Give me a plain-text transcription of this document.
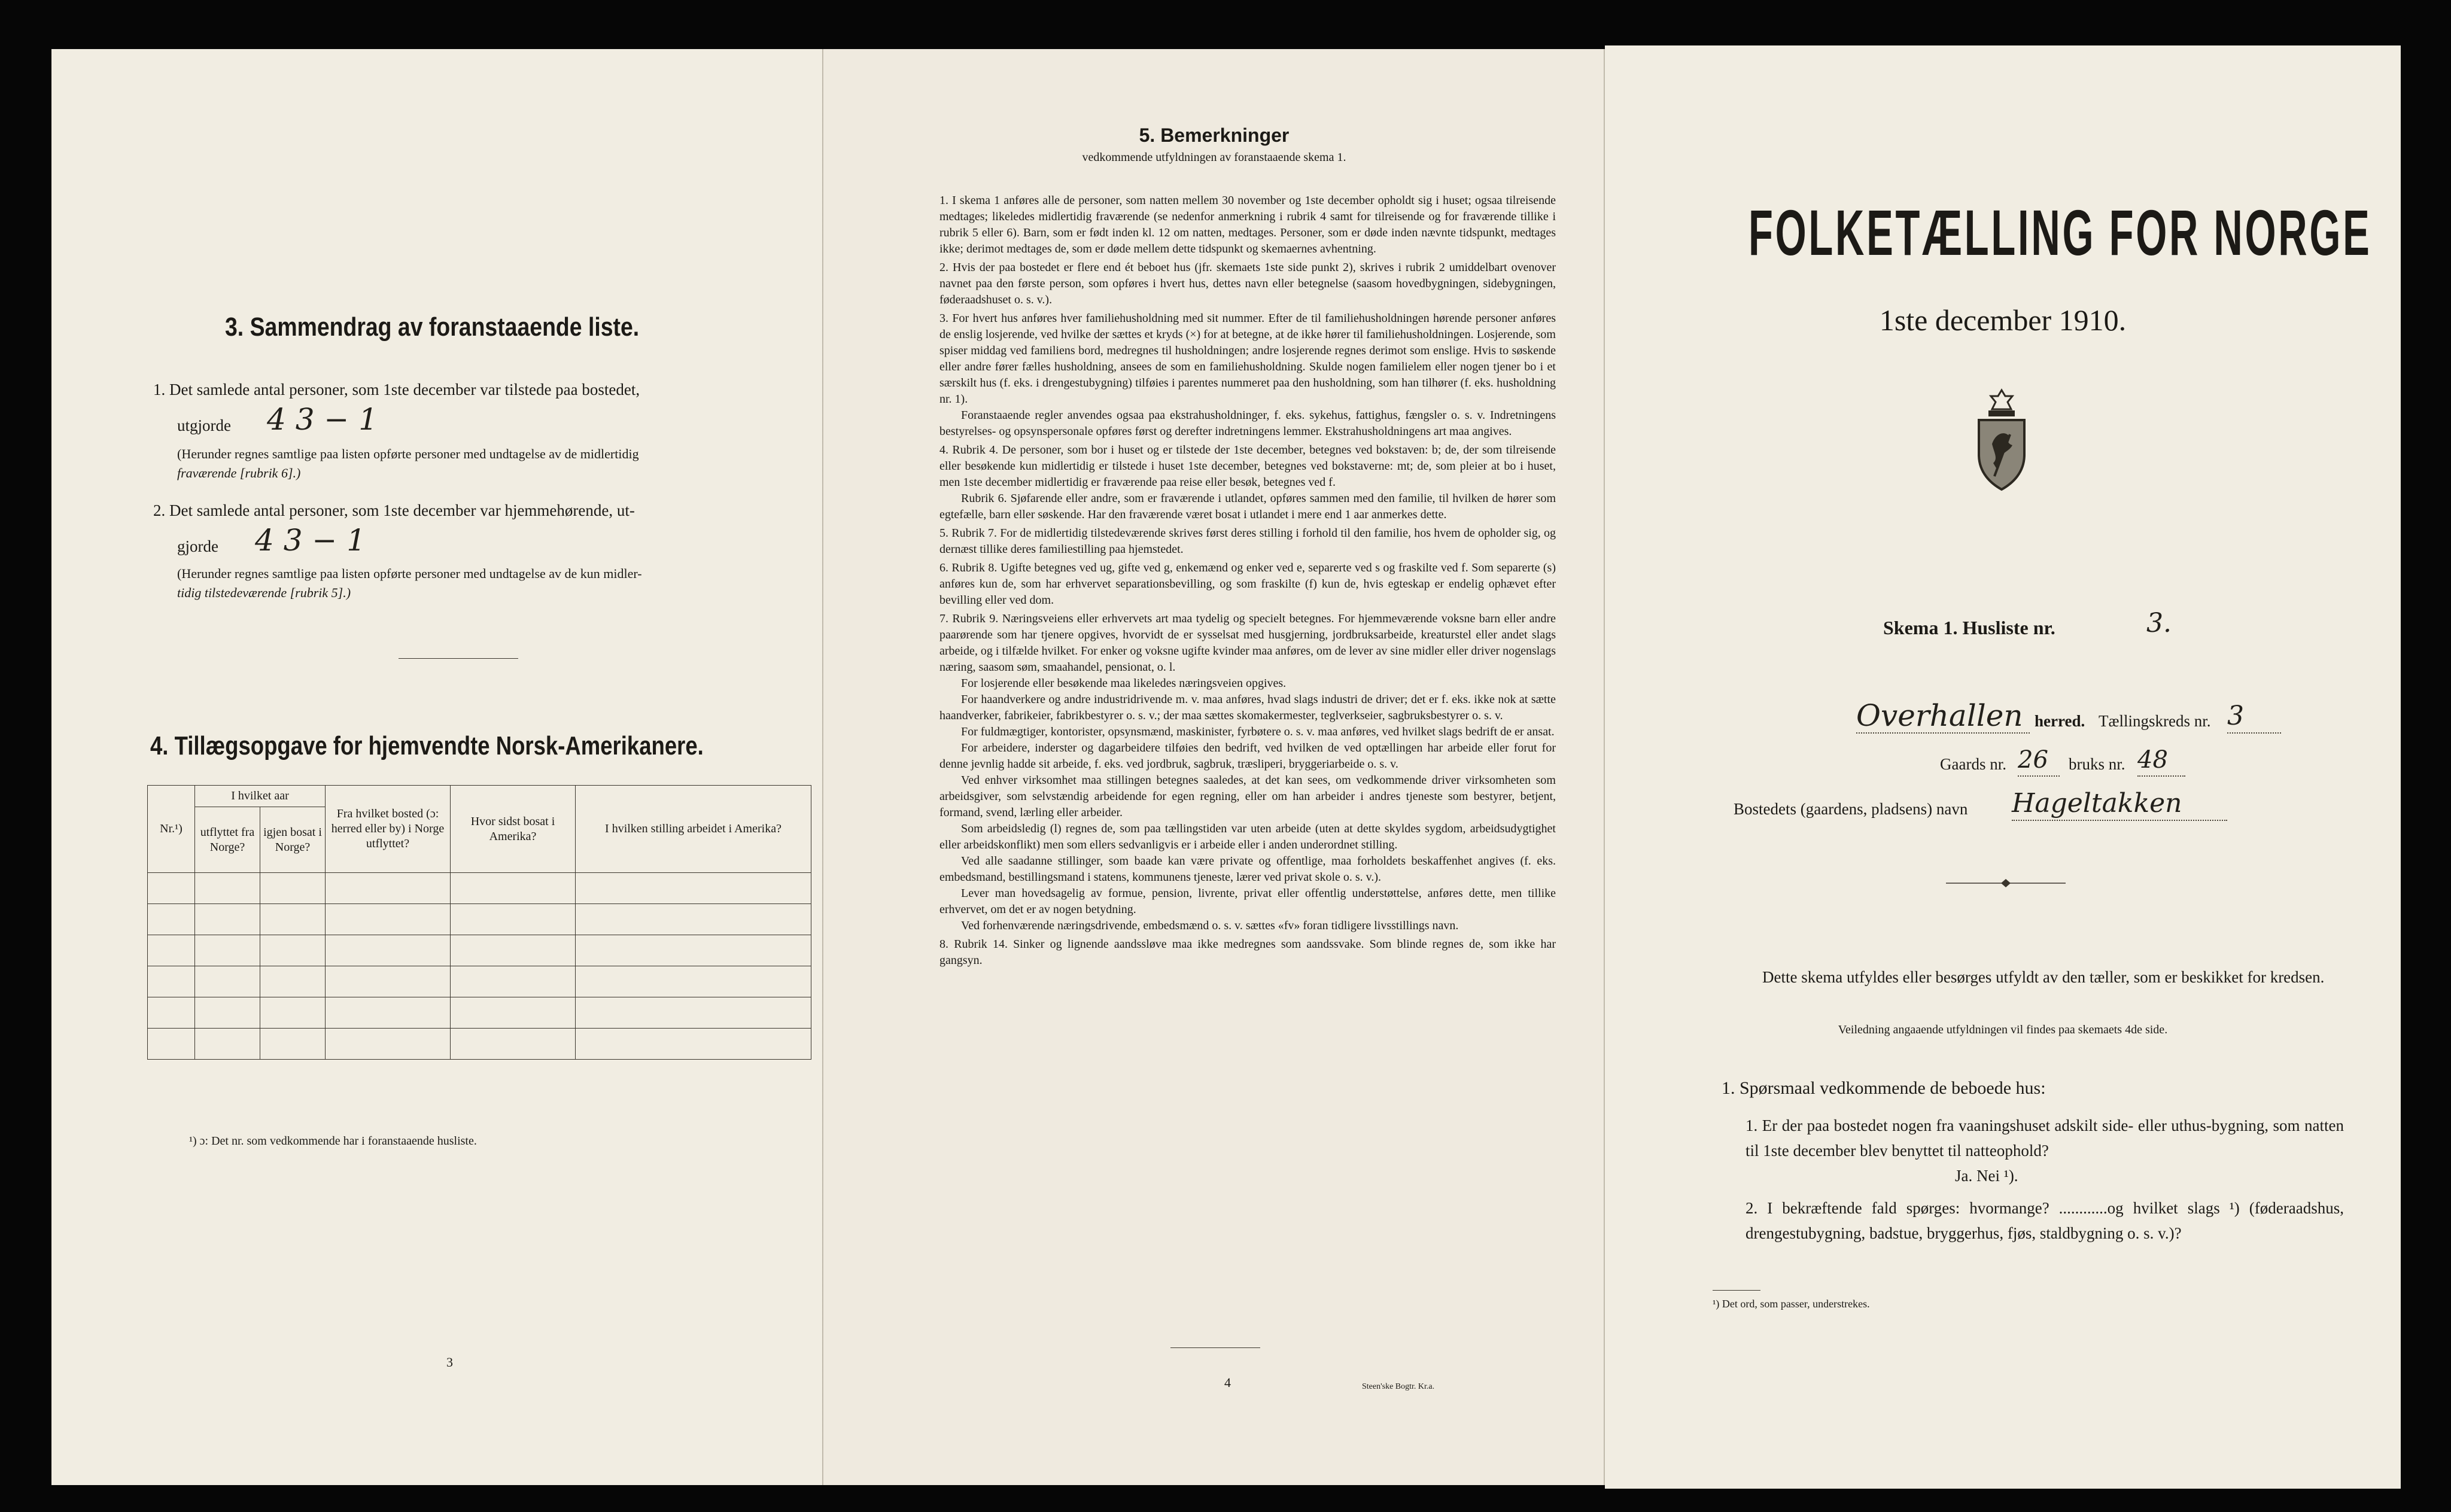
3. Sammendrag av foranstaaende liste.
1. Det samlede antal personer, som 1ste december var tilstede paa bostedet,
utgjorde 4 3 − 1
(Herunder regnes samtlige paa listen opførte personer med undtagelse av de midlertidig
fraværende [rubrik 6].)
2. Det samlede antal personer, som 1ste december var hjemmehørende, ut-
gjorde 4 3 − 1
(Herunder regnes samtlige paa listen opførte personer med undtagelse av de kun midler-
tidig tilstedeværende [rubrik 5].)
4. Tillægsopgave for hjemvendte Norsk-Amerikanere.
Nr.¹)	I hvilket aar		Fra hvilket bosted (ɔ: herred eller by) i Norge utflyttet?	Hvor sidst bosat i Amerika?	I hvilken stilling arbeidet i Amerika?
	utflyttet fra Norge?	igjen bosat i Norge?			

¹) ɔ: Det nr. som vedkommende har i foranstaaende husliste.
3
5. Bemerkninger
vedkommende utfyldningen av foranstaaende skema 1.

1. I skema 1 anføres alle de personer, som natten mellem 30 november og 1ste december opholdt sig i huset; ogsaa tilreisende medtages; likeledes midlertidig fraværende (se nedenfor anmerkning i rubrik 4 samt for tilreisende og for fraværende tillike i rubrik 5 eller 6). Barn, som er født inden kl. 12 om natten, medtages. Personer, som er døde inden nævnte tidspunkt, medtages ikke; derimot medtages de, som er døde mellem dette tidspunkt og skemaernes avhentning.

2. Hvis der paa bostedet er flere end ét beboet hus (jfr. skemaets 1ste side punkt 2), skrives i rubrik 2 umiddelbart ovenover navnet paa den første person, som opføres i hvert hus, dettes navn eller betegnelse (saasom hovedbygningen, sidebygningen, føderaadshuset o. s. v.).

3. For hvert hus anføres hver familiehusholdning med sit nummer. Efter de til familiehusholdningen hørende personer anføres de enslig losjerende, ved hvilke der sættes et kryds (×) for at betegne, at de ikke hører til familiehusholdningen. Losjerende, som spiser middag ved familiens bord, medregnes til husholdningen; andre losjerende regnes derimot som enslige. Hvis to søskende eller andre fører fælles husholdning, ansees de som en familiehusholdning. Skulde nogen familielem eller nogen tjener bo i et særskilt hus (f. eks. i drengestubygning) tilføies i parentes nummeret paa den husholdning, som han tilhører (f. eks. husholdning nr. 1).

Foranstaaende regler anvendes ogsaa paa ekstrahusholdninger, f. eks. sykehus, fattighus, fængsler o. s. v. Indretningens bestyrelses- og opsynspersonale opføres først og derefter indretningens lemmer. Ekstrahusholdningens art maa angives.

4. Rubrik 4. De personer, som bor i huset og er tilstede der 1ste december, betegnes ved bokstaven: b; de, der som tilreisende eller besøkende kun midlertidig er tilstede i huset 1ste december, betegnes ved bokstaverne: mt; de, som pleier at bo i huset, men 1ste december midlertidig er fraværende paa reise eller besøk, betegnes ved f.

Rubrik 6. Sjøfarende eller andre, som er fraværende i utlandet, opføres sammen med den familie, til hvilken de hører som egtefælle, barn eller søskende. Har den fraværende været bosat i utlandet i mere end 1 aar anmerkes dette.

5. Rubrik 7. For de midlertidig tilstedeværende skrives først deres stilling i forhold til den familie, hos hvem de opholder sig, og dernæst tillike deres familiestilling paa hjemstedet.

6. Rubrik 8. Ugifte betegnes ved ug, gifte ved g, enkemænd og enker ved e, separerte ved s og fraskilte ved f. Som separerte (s) anføres kun de, som har erhvervet separationsbevilling, og som fraskilte (f) kun de, hvis egteskap er endelig ophævet efter bevilling eller ved dom.

7. Rubrik 9. Næringsveiens eller erhvervets art maa tydelig og specielt betegnes. For hjemmeværende voksne barn eller andre paarørende som har tjenere opgives, hvorvidt de er sysselsat med husgjerning, jordbruksarbeide, kreaturstel eller andet slags arbeide, og i tilfælde hvilket. For enker og voksne ugifte kvinder maa anføres, om de lever av sine midler eller driver nogenslags næring, saasom søm, smaahandel, pensionat, o. l.

For losjerende eller besøkende maa likeledes næringsveien opgives.

For haandverkere og andre industridrivende m. v. maa anføres, hvad slags industri de driver; det er f. eks. ikke nok at sætte haandverker, fabrikeier, fabrikbestyrer o. s. v.; der maa sættes skomakermester, teglverkseier, sagbruksbestyrer o. s. v.

For fuldmægtiger, kontorister, opsynsmænd, maskinister, fyrbøtere o. s. v. maa anføres, ved hvilket slags bedrift de er ansat.

For arbeidere, inderster og dagarbeidere tilføies den bedrift, ved hvilken de ved optællingen har arbeide eller forut for denne jevnlig hadde sit arbeide, f. eks. ved jordbruk, sagbruk, træsliperi, bryggeriarbeide o. s. v.

Ved enhver virksomhet maa stillingen betegnes saaledes, at det kan sees, om vedkommende driver virksomheten som arbeidsgiver, som selvstændig arbeidende for egen regning, eller om han arbeider i andres tjeneste som bestyrer, betjent, formand, svend, lærling eller arbeider.

Som arbeidsledig (l) regnes de, som paa tællingstiden var uten arbeide (uten at dette skyldes sygdom, arbeidsudygtighet eller arbeidskonflikt) men som ellers sedvanligvis er i arbeide eller i anden underordnet stilling.

Ved alle saadanne stillinger, som baade kan være private og offentlige, maa forholdets beskaffenhet angives (f. eks. embedsmand, bestillingsmand i statens, kommunens tjeneste, lærer ved privat skole o. s. v.).

Lever man hovedsagelig av formue, pension, livrente, privat eller offentlig understøttelse, anføres dette, men tillike erhvervet, om det er av nogen betydning.

Ved forhenværende næringsdrivende, embedsmænd o. s. v. sættes «fv» foran tidligere livsstillings navn.

8. Rubrik 14. Sinker og lignende aandssløve maa ikke medregnes som aandssvake. Som blinde regnes de, som ikke har gangsyn.

4	Steen'ske Bogtr. Kr.a.
FOLKETÆLLING FOR NORGE
1ste december 1910.
Skema 1. Husliste nr.	3.
Overhallen herred. Tællingskreds nr. 3
Gaards nr. 26	bruks nr. 48
Bostedets (gaardens, pladsens) navn Hageltakken
Dette skema utfyldes eller besørges utfyldt av den tæller, som er beskikket for kredsen.
Veiledning angaaende utfyldningen vil findes paa skemaets 4de side.
1. Spørsmaal vedkommende de beboede hus:
1. Er der paa bostedet nogen fra vaaningshuset adskilt side- eller uthus-bygning, som natten til 1ste december blev benyttet til natteophold?
Ja. Nei ¹).
2. I bekræftende fald spørges: hvormange? ............og hvilket slags ¹) (føderaadshus, drengestubygning, badstue, bryggerhus, fjøs, staldbygning o. s. v.)?
¹) Det ord, som passer, understrekes.
